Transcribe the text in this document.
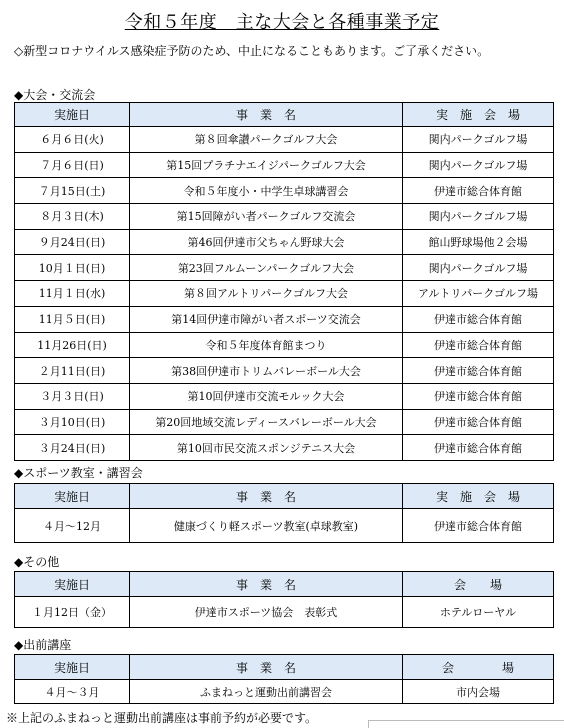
令和５年度　主な大会と各種事業予定
◇新型コロナウイルス感染症予防のため、中止になることもあります。ご了承ください。
◆大会・交流会
実施日	事　業　名	実　施　会　場
６月６日(火)	第８回傘讃パークゴルフ大会	関内パークゴルフ場
７月６日(日)	第15回プラチナエイジパークゴルフ大会	関内パークゴルフ場
７月15日(土)	令和５年度小・中学生卓球講習会	伊達市総合体育館
８月３日(木)	第15回障がい者パークゴルフ交流会	関内パークゴルフ場
９月24日(日)	第46回伊達市父ちゃん野球大会	館山野球場他２会場
10月１日(日)	第23回フルムーンパークゴルフ大会	関内パークゴルフ場
11月１日(水)	第８回アルトリパークゴルフ大会	アルトリパークゴルフ場
11月５日(日)	第14回伊達市障がい者スポーツ交流会	伊達市総合体育館
11月26日(日)	令和５年度体育館まつり	伊達市総合体育館
２月11日(日)	第38回伊達市トリムバレーボール大会	伊達市総合体育館
３月３日(日)	第10回伊達市交流モルック大会	伊達市総合体育館
３月10日(日)	第20回地域交流レディースバレーボール大会	伊達市総合体育館
３月24日(日)	第10回市民交流スポンジテニス大会	伊達市総合体育館
◆スポーツ教室・講習会
実施日	事　業　名	実　施　会　場
４月～12月	健康づくり軽スポーツ教室(卓球教室)	伊達市総合体育館
◆その他
実施日	事　業　名	会　　場
１月12日（金）	伊達市スポーツ協会　表彰式	ホテルローヤル
◆出前講座
実施日	事　業　名	会　　　　場
４月～３月	ふまねっと運動出前講習会	市内会場
※上記のふまねっと運動出前講座は事前予約が必要です。
